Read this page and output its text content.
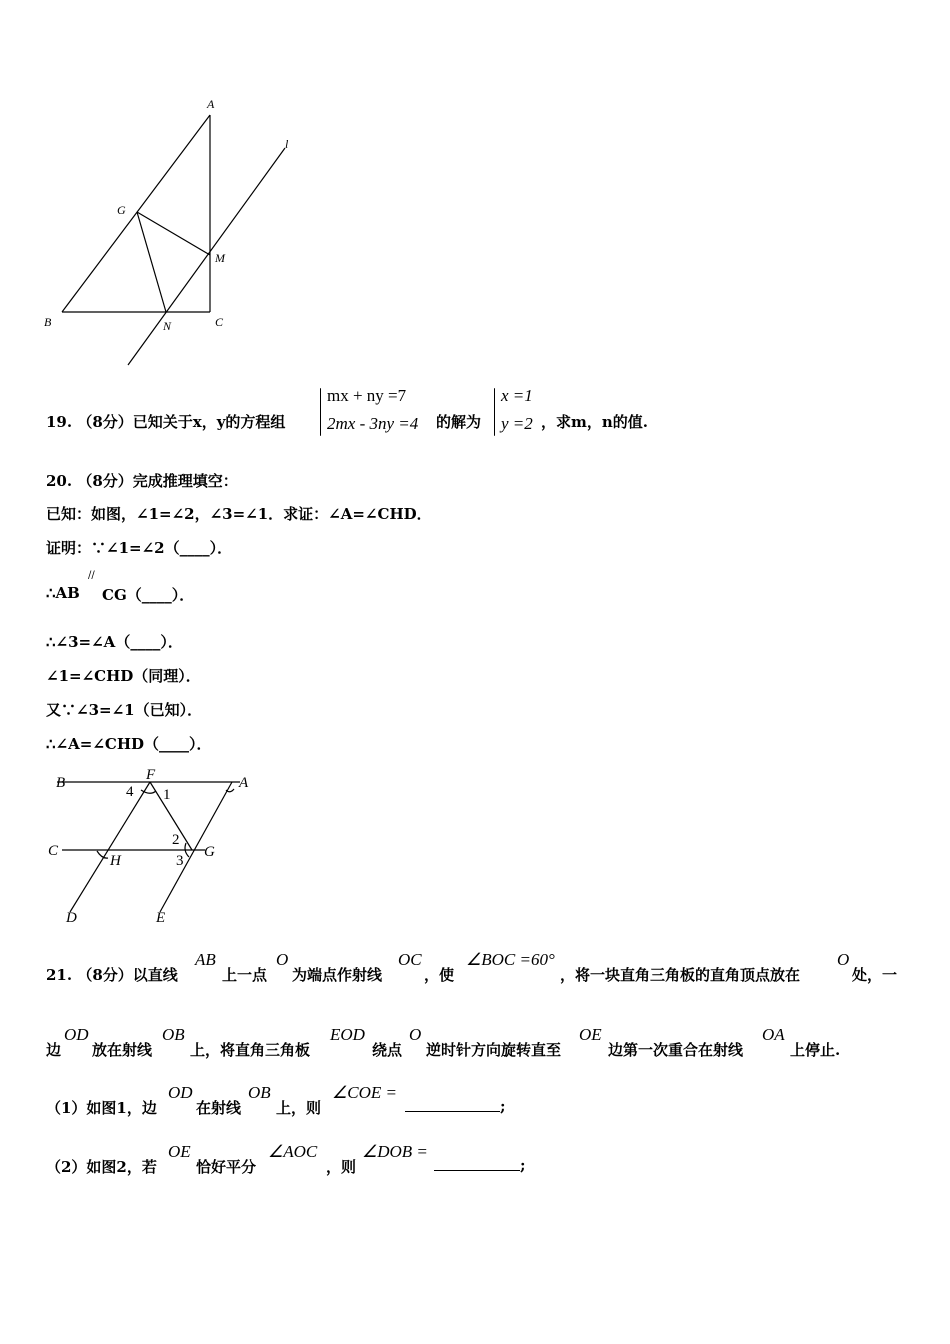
A
l
G
M
B	N	C
19. （8分）已知关于x，y的方程组
mx + ny =7
2mx - 3ny =4 的解为
x =1
y =2 ，求m，n的值.
20. （8分）完成推理填空：
已知：如图，∠1=∠2，∠3=∠1．求证：∠A=∠CHD．
证明：∵∠1=∠2（____）．
∴AB
//
CG（____）．
∴∠3=∠A（____）．
∠1=∠CHD（同理）．
又∵∠3=∠1（已知）．
∴∠A=∠CHD（____）．
B	F	A
C
H
G
D	E
1
2
3
4
21. （8分）以直线
AB
上一点
O
为端点作射线
OC
，使
∠BOC =60°
，将一块直角三角板的直角顶点放在
O
处，一
边
OD
放在射线
OB
上，将直角三角板
EOD
绕点
O
逆时针方向旋转直至
OE
边第一次重合在射线
OA
上停止.
（1）如图1，边
OD
在射线
OB
上，则
∠COE =
;
（2）如图2，若
OE
恰好平分
∠AOC
，则
∠DOB =
;
